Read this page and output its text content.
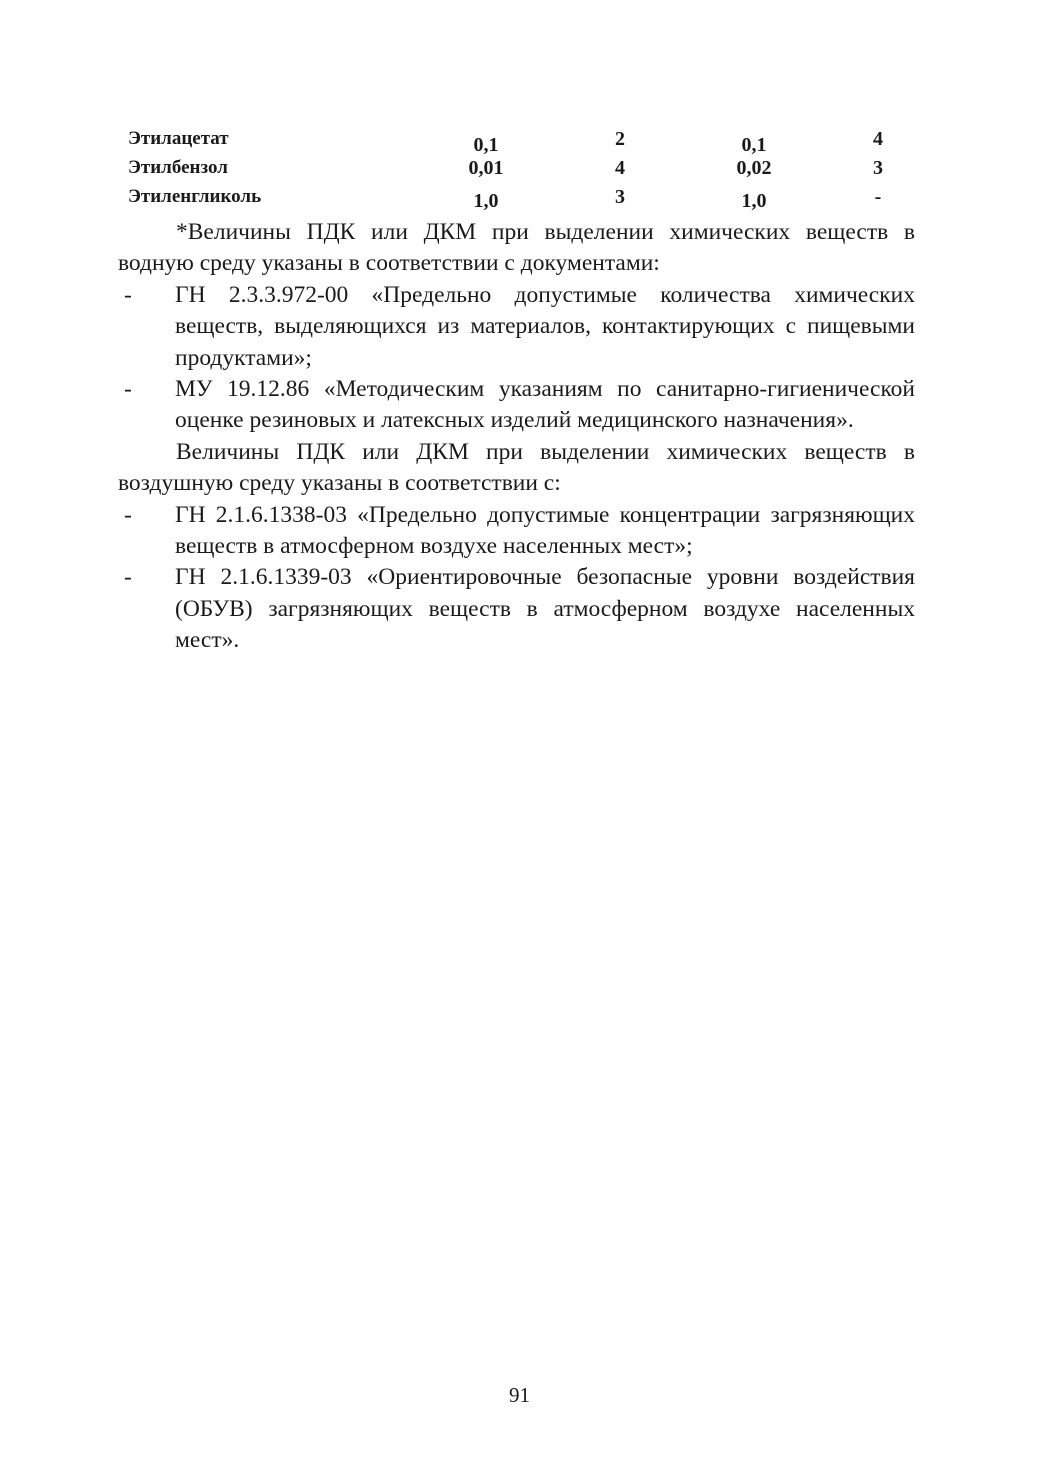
Этилацетат	0,1	2	0,1	4
Этилбензол	0,01	4	0,02	3
Этиленгликоль	1,0	3	1,0	-

*Величины ПДК или ДКМ при выделении химических веществ в водную среду указаны в соответствии с документами:

- ГН 2.3.3.972-00 «Предельно допустимые количества химических веществ, выделяющихся из материалов, контактирующих с пищевыми продуктами»;
- МУ 19.12.86 «Методическим указаниям по санитарно-гигиенической оценке резиновых и латексных изделий медицинского назначения».

Величины ПДК или ДКМ при выделении химических веществ в воздушную среду указаны в соответствии с:

- ГН 2.1.6.1338-03 «Предельно допустимые концентрации загрязняющих веществ в атмосферном воздухе населенных мест»;
- ГН 2.1.6.1339-03 «Ориентировочные безопасные уровни воздействия (ОБУВ) загрязняющих веществ в атмосферном воздухе населенных мест».
91
